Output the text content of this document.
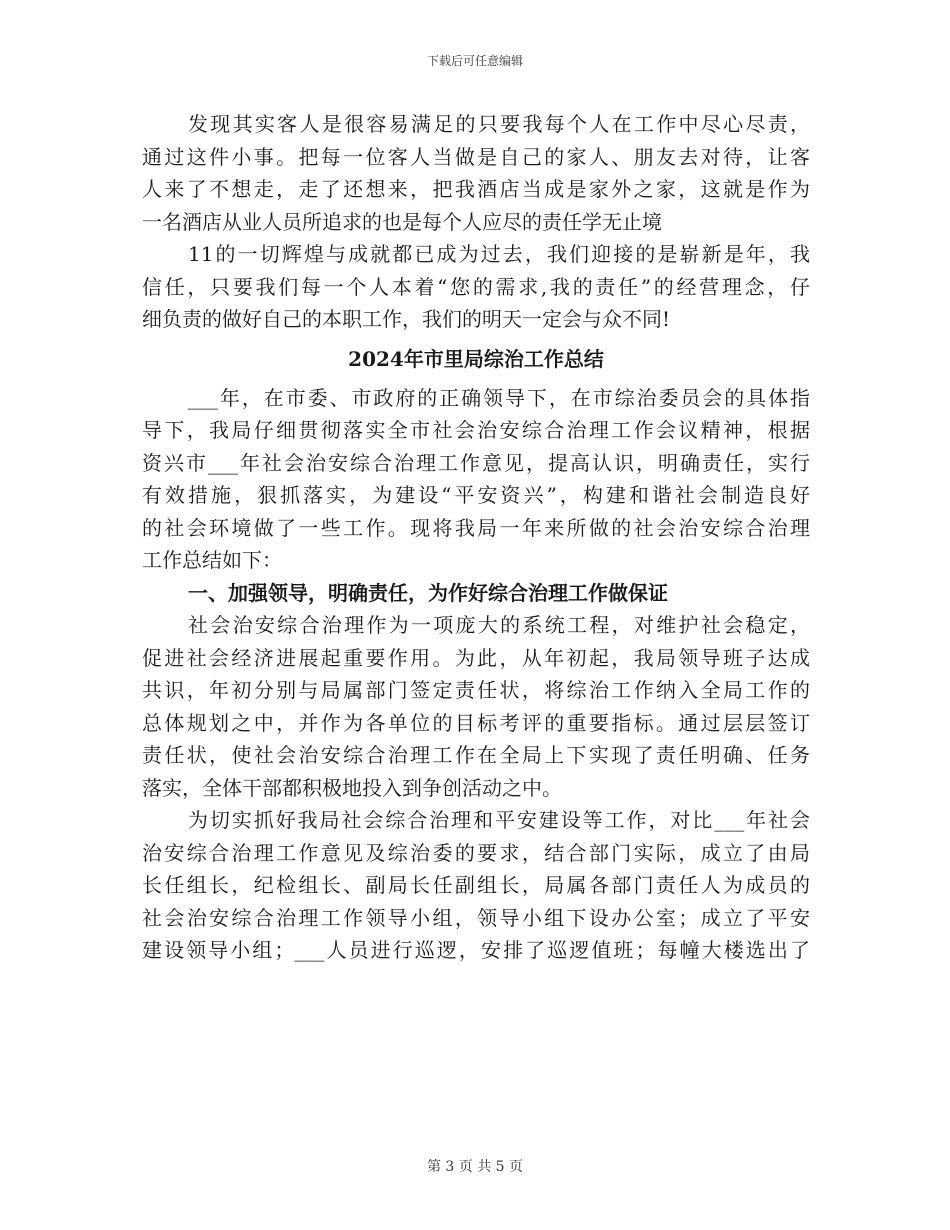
下载后可任意编辑
发现其实客人是很容易满足的只要我每个人在工作中尽心尽责，
通过这件小事。把每一位客人当做是自己的家人、朋友去对待，让客
人来了不想走，走了还想来，把我酒店当成是家外之家，这就是作为
一名酒店从业人员所追求的也是每个人应尽的责任学无止境
11的一切辉煌与成就都已成为过去，我们迎接的是崭新是年，我
信任，只要我们每一个人本着“您的需求,我的责任”的经营理念，仔
细负责的做好自己的本职工作，我们的明天一定会与众不同!
2024年市里局综治工作总结
___年，在市委、市政府的正确领导下，在市综治委员会的具体指
导下，我局仔细贯彻落实全市社会治安综合治理工作会议精神，根据
资兴市___年社会治安综合治理工作意见，提高认识，明确责任，实行
有效措施，狠抓落实，为建设“平安资兴”，构建和谐社会制造良好
的社会环境做了一些工作。现将我局一年来所做的社会治安综合治理
工作总结如下：
一、加强领导，明确责任，为作好综合治理工作做保证
社会治安综合治理作为一项庞大的系统工程，对维护社会稳定，
促进社会经济进展起重要作用。为此，从年初起，我局领导班子达成
共识，年初分别与局属部门签定责任状，将综治工作纳入全局工作的
总体规划之中，并作为各单位的目标考评的重要指标。通过层层签订
责任状，使社会治安综合治理工作在全局上下实现了责任明确、任务
落实，全体干部都积极地投入到争创活动之中。
为切实抓好我局社会综合治理和平安建设等工作，对比___年社会
治安综合治理工作意见及综治委的要求，结合部门实际，成立了由局
长任组长，纪检组长、副局长任副组长，局属各部门责任人为成员的
社会治安综合治理工作领导小组，领导小组下设办公室；成立了平安
建设领导小组；___人员进行巡逻，安排了巡逻值班；每幢大楼选出了
第 3 页 共 5 页
